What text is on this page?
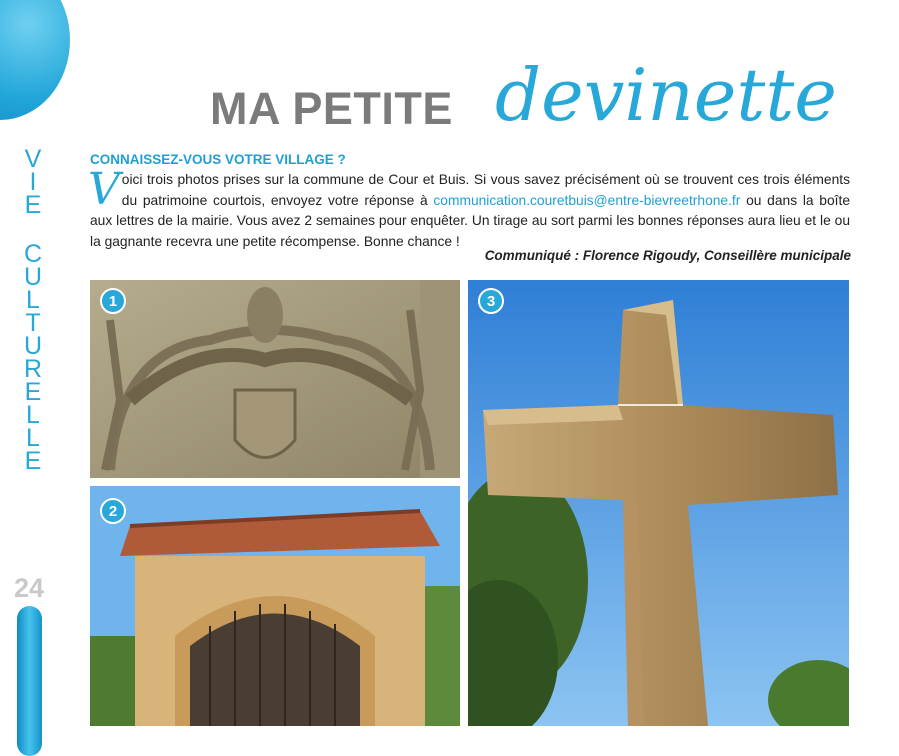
V
I
E
C
U
L
T
U
R
E
L
L
E
24
MA PETITE devinette
CONNAISSEZ-VOUS VOTRE VILLAGE ?
Voici trois photos prises sur la commune de Cour et Buis. Si vous savez précisément où se trouvent ces trois éléments du patrimoine courtois, envoyez votre réponse à communication.couretbuis@entre-bievreetrhone.fr ou dans la boîte aux lettres de la mairie. Vous avez 2 semaines pour enquêter. Un tirage au sort parmi les bonnes réponses aura lieu et le ou la gagnante recevra une petite récompense. Bonne chance !
Communiqué : Florence Rigoudy, Conseillère municipale
1
2
3
